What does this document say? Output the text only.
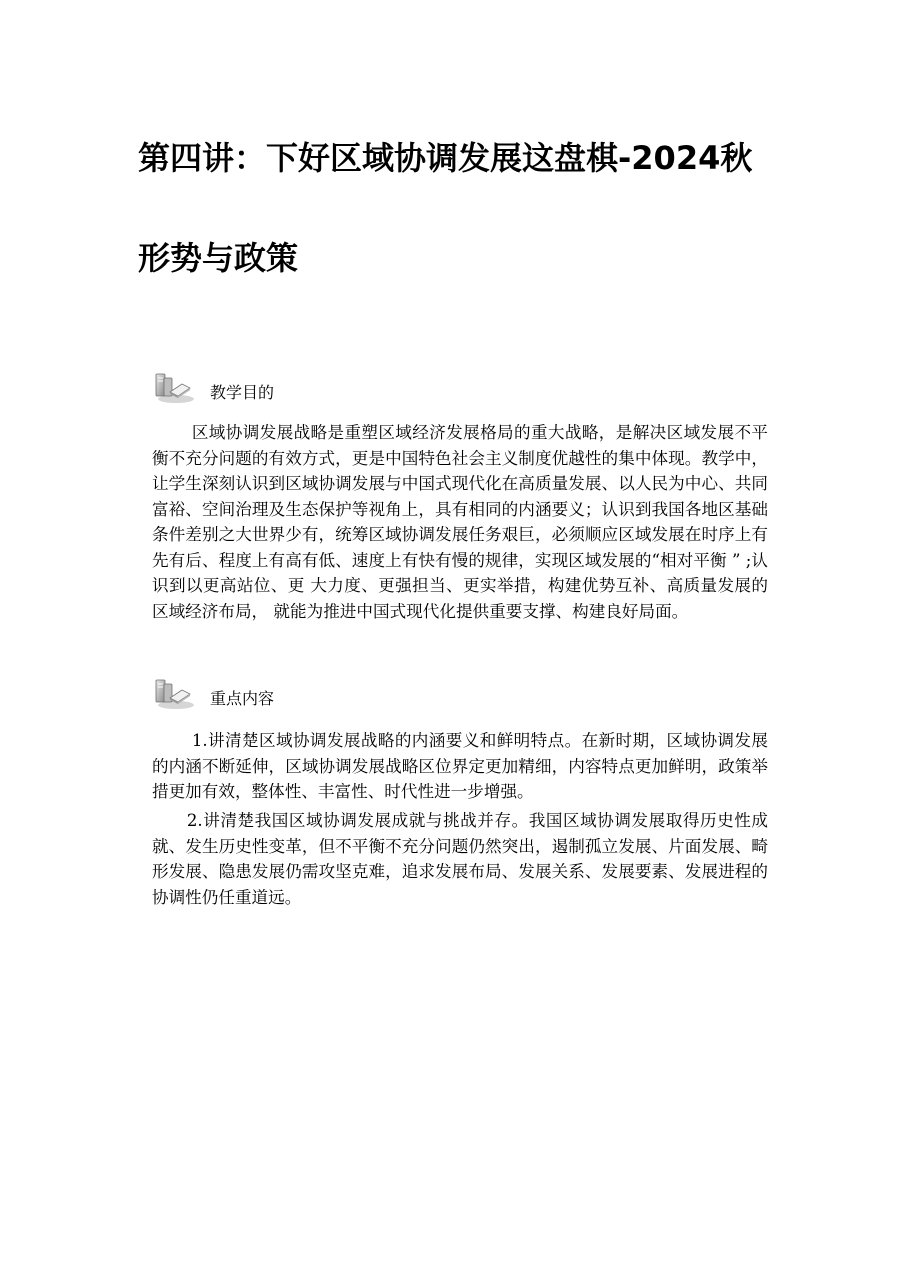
第四讲：下好区域协调发展这盘棋-2024秋
形势与政策
教学目的

区域协调发展战略是重塑区域经济发展格局的重大战略，是解决区域发展不平衡不充分问题的有效方式，更是中国特色社会主义制度优越性的集中体现。教学中，让学生深刻认识到区域协调发展与中国式现代化在高质量发展、以人民为中心、共同富裕、空间治理及生态保护等视角上，具有相同的内涵要义；认识到我国各地区基础条件差别之大世界少有，统筹区域协调发展任务艰巨，必须顺应区域发展在时序上有先有后、程度上有高有低、速度上有快有慢的规律，实现区域发展的“相对平衡 ” ;认识到以更高站位、更 大力度、更强担当、更实举措，构建优势互补、高质量发展的区域经济布局， 就能为推进中国式现代化提供重要支撑、构建良好局面。

重点内容

1.讲清楚区域协调发展战略的内涵要义和鲜明特点。在新时期，区域协调发展的内涵不断延伸，区域协调发展战略区位界定更加精细，内容特点更加鲜明，政策举措更加有效，整体性、丰富性、时代性进一步增强。

2.讲清楚我国区域协调发展成就与挑战并存。我国区域协调发展取得历史性成就、发生历史性变革，但不平衡不充分问题仍然突出，遏制孤立发展、片面发展、畸形发展、隐患发展仍需攻坚克难，追求发展布局、发展关系、发展要素、发展进程的协调性仍任重道远。
